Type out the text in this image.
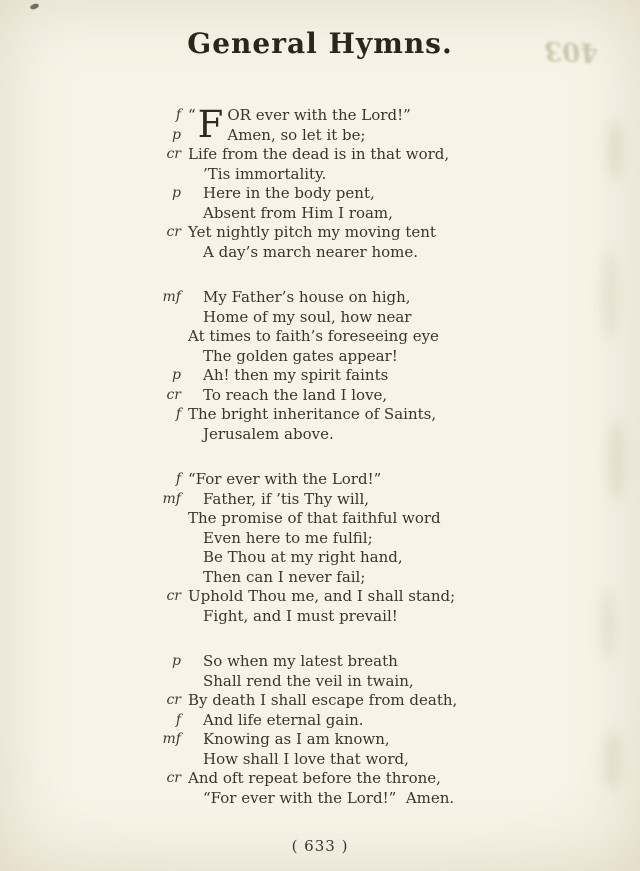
General Hymns.	403
f
p
“ F OR ever with the Lord!”
Amen, so let it be;
cr Life from the dead is in that word,
’Tis immortality.
p	Here in the body pent,
Absent from Him I roam,
cr Yet nightly pitch my moving tent
A day’s march nearer home.
mf	My Father’s house on high,
Home of my soul, how near
At times to faith’s foreseeing eye
The golden gates appear!
p	Ah! then my spirit faints
cr	To reach the land I love,
f The bright inheritance of Saints,
Jerusalem above.
f “For ever with the Lord!”
mf	Father, if ’tis Thy will,
The promise of that faithful word
Even here to me fulfil;
Be Thou at my right hand,
Then can I never fail;
cr Uphold Thou me, and I shall stand;
Fight, and I must prevail!
p	So when my latest breath
Shall rend the veil in twain,
cr By death I shall escape from death,
f	And life eternal gain.
mf	Knowing as I am known,
How shall I love that word,
cr And oft repeat before the throne,
“For ever with the Lord!”  Amen.
( 633 )
